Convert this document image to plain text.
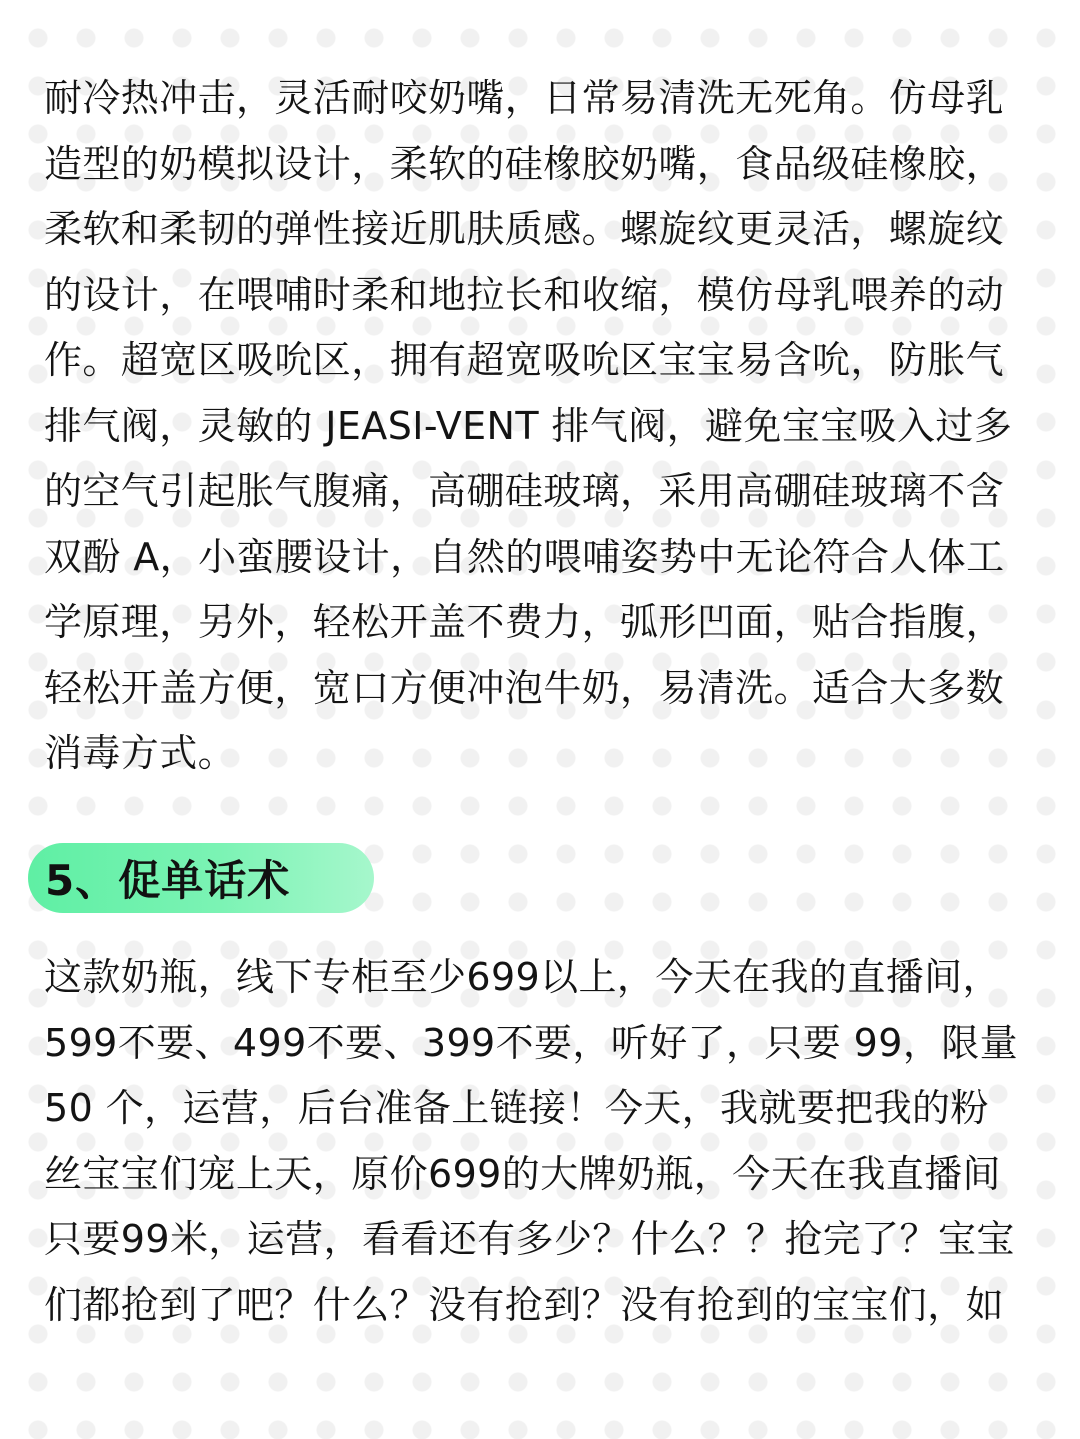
耐冷热冲击，灵活耐咬奶嘴，日常易清洗无死角。仿母乳
造型的奶模拟设计，柔软的硅橡胶奶嘴，食品级硅橡胶，
柔软和柔韧的弹性接近肌肤质感。螺旋纹更灵活，螺旋纹
的设计，在喂哺时柔和地拉长和收缩，模仿母乳喂养的动
作。超宽区吸吮区，拥有超宽吸吮区宝宝易含吮，防胀气
排气阀，灵敏的 JEASI-VENT 排气阀，避免宝宝吸入过多
的空气引起胀气腹痛，高硼硅玻璃，采用高硼硅玻璃不含
双酚 A，小蛮腰设计，自然的喂哺姿势中无论符合人体工
学原理，另外，轻松开盖不费力，弧形凹面，贴合指腹，
轻松开盖方便，宽口方便冲泡牛奶，易清洗。适合大多数
消毒方式。

5、促单话术

这款奶瓶，线下专柜至少699以上，今天在我的直播间，
599不要、499不要、399不要，听好了，只要 99，限量
50 个，运营，后台准备上链接！今天，我就要把我的粉
丝宝宝们宠上天，原价699的大牌奶瓶，今天在我直播间
只要99米，运营，看看还有多少？什么？？抢完了？宝宝
们都抢到了吧？什么？没有抢到？没有抢到的宝宝们，如
